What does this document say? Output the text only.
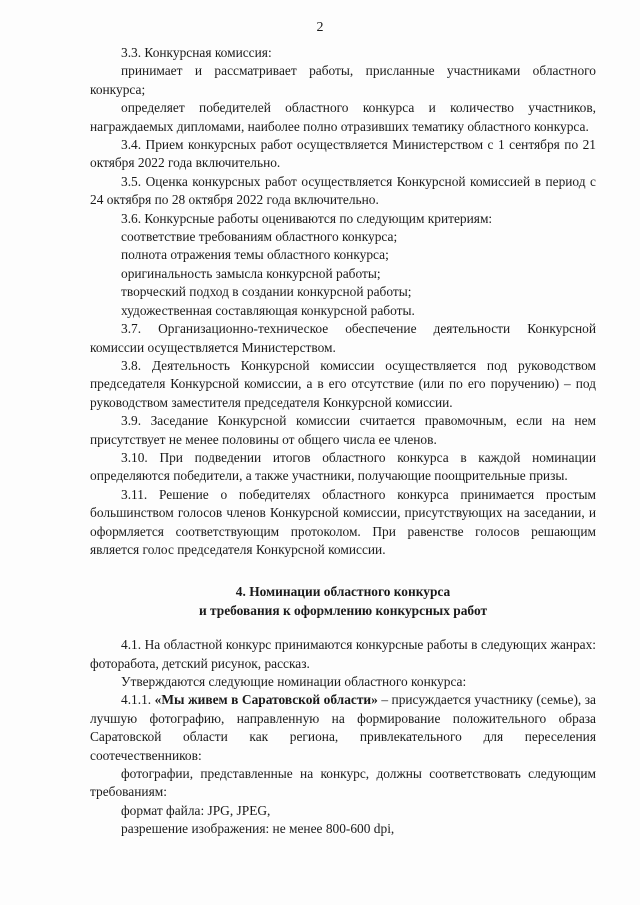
2

3.3. Конкурсная комиссия:

принимает и рассматривает работы, присланные участниками областного конкурса;

определяет победителей областного конкурса и количество участников, награждаемых дипломами, наиболее полно отразивших тематику областного конкурса.

3.4. Прием конкурсных работ осуществляется Министерством с 1 сентября по 21 октября 2022 года включительно.

3.5. Оценка конкурсных работ осуществляется Конкурсной комиссией в период с 24 октября по 28 октября 2022 года включительно.

3.6. Конкурсные работы оцениваются по следующим критериям:

соответствие требованиям областного конкурса;

полнота отражения темы областного конкурса;

оригинальность замысла конкурсной работы;

творческий подход в создании конкурсной работы;

художественная составляющая конкурсной работы.

3.7. Организационно-техническое обеспечение деятельности Конкурсной комиссии осуществляется Министерством.

3.8. Деятельность Конкурсной комиссии осуществляется под руководством председателя Конкурсной комиссии, а в его отсутствие (или по его поручению) – под руководством заместителя председателя Конкурсной комиссии.

3.9. Заседание Конкурсной комиссии считается правомочным, если на нем присутствует не менее половины от общего числа ее членов.

3.10. При подведении итогов областного конкурса в каждой номинации определяются победители, а также участники, получающие поощрительные призы.

3.11. Решение о победителях областного конкурса принимается простым большинством голосов членов Конкурсной комиссии, присутствующих на заседании, и оформляется соответствующим протоколом. При равенстве голосов решающим является голос председателя Конкурсной комиссии.

4. Номинации областного конкурса

и требования к оформлению конкурсных работ

4.1. На областной конкурс принимаются конкурсные работы в следующих жанрах: фоторабота, детский рисунок, рассказ.

Утверждаются следующие номинации областного конкурса:

4.1.1. «Мы живем в Саратовской области» – присуждается участнику (семье), за лучшую фотографию, направленную на формирование положительного образа Саратовской области как региона, привлекательного для переселения соотечественников:

фотографии, представленные на конкурс, должны соответствовать следующим требованиям:

формат файла: JPG, JPEG,

разрешение изображения: не менее 800-600 dpi,
